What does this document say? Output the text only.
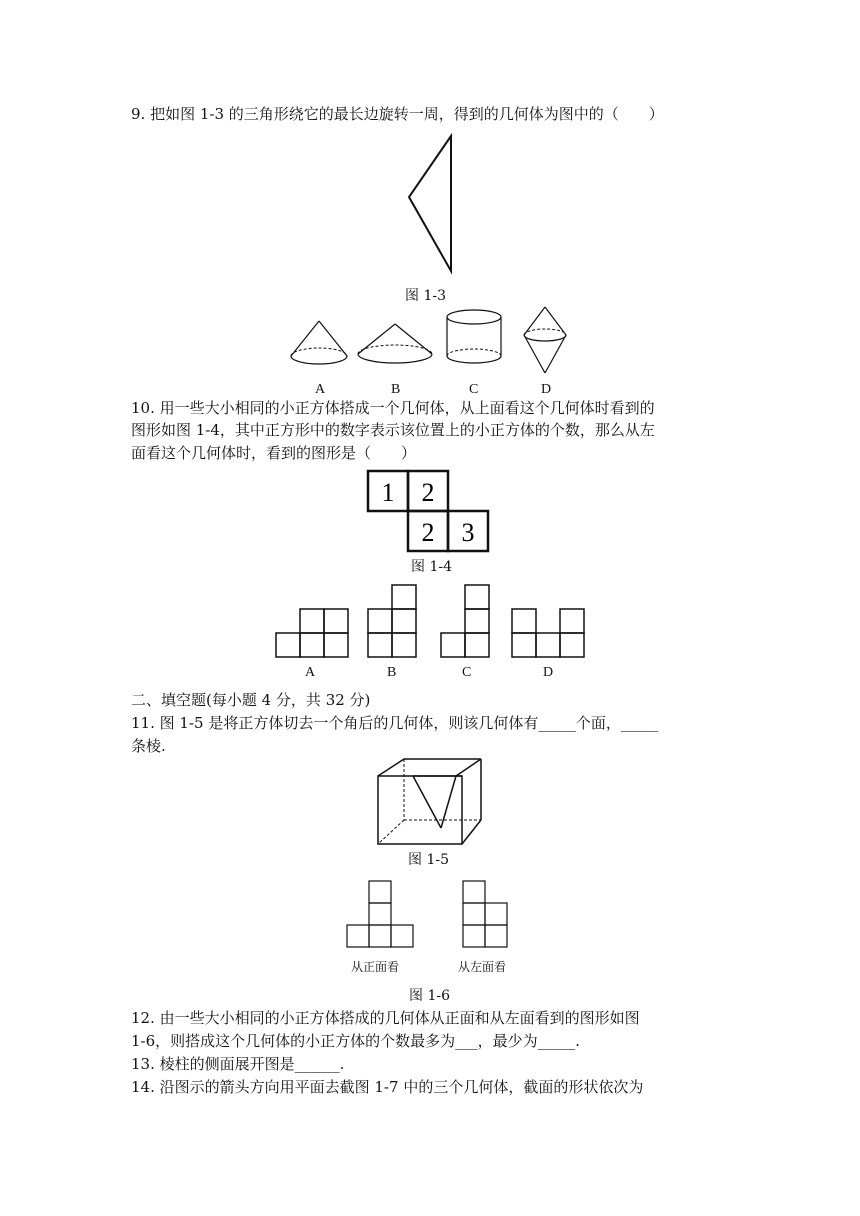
9. 把如图 1-3 的三角形绕它的最长边旋转一周，得到的几何体为图中的（　　）
图 1-3
A	B	C	D
10. 用一些大小相同的小正方体搭成一个几何体，从上面看这个几何体时看到的
图形如图 1-4，其中正方形中的数字表示该位置上的小正方体的个数，那么从左
面看这个几何体时，看到的图形是（　　）
1 2
2 3
图 1-4
A	B	C	D
二、填空题(每小题 4 分，共 32 分)
11. 图 1-5 是将正方体切去一个角后的几何体，则该几何体有_____个面，_____
条棱.
图 1-5
从正面看	从左面看
图 1-6
12. 由一些大小相同的小正方体搭成的几何体从正面和从左面看到的图形如图
1-6，则搭成这个几何体的小正方体的个数最多为___，最少为_____.
13. 棱柱的侧面展开图是______.
14. 沿图示的箭头方向用平面去截图 1-7 中的三个几何体，截面的形状依次为
